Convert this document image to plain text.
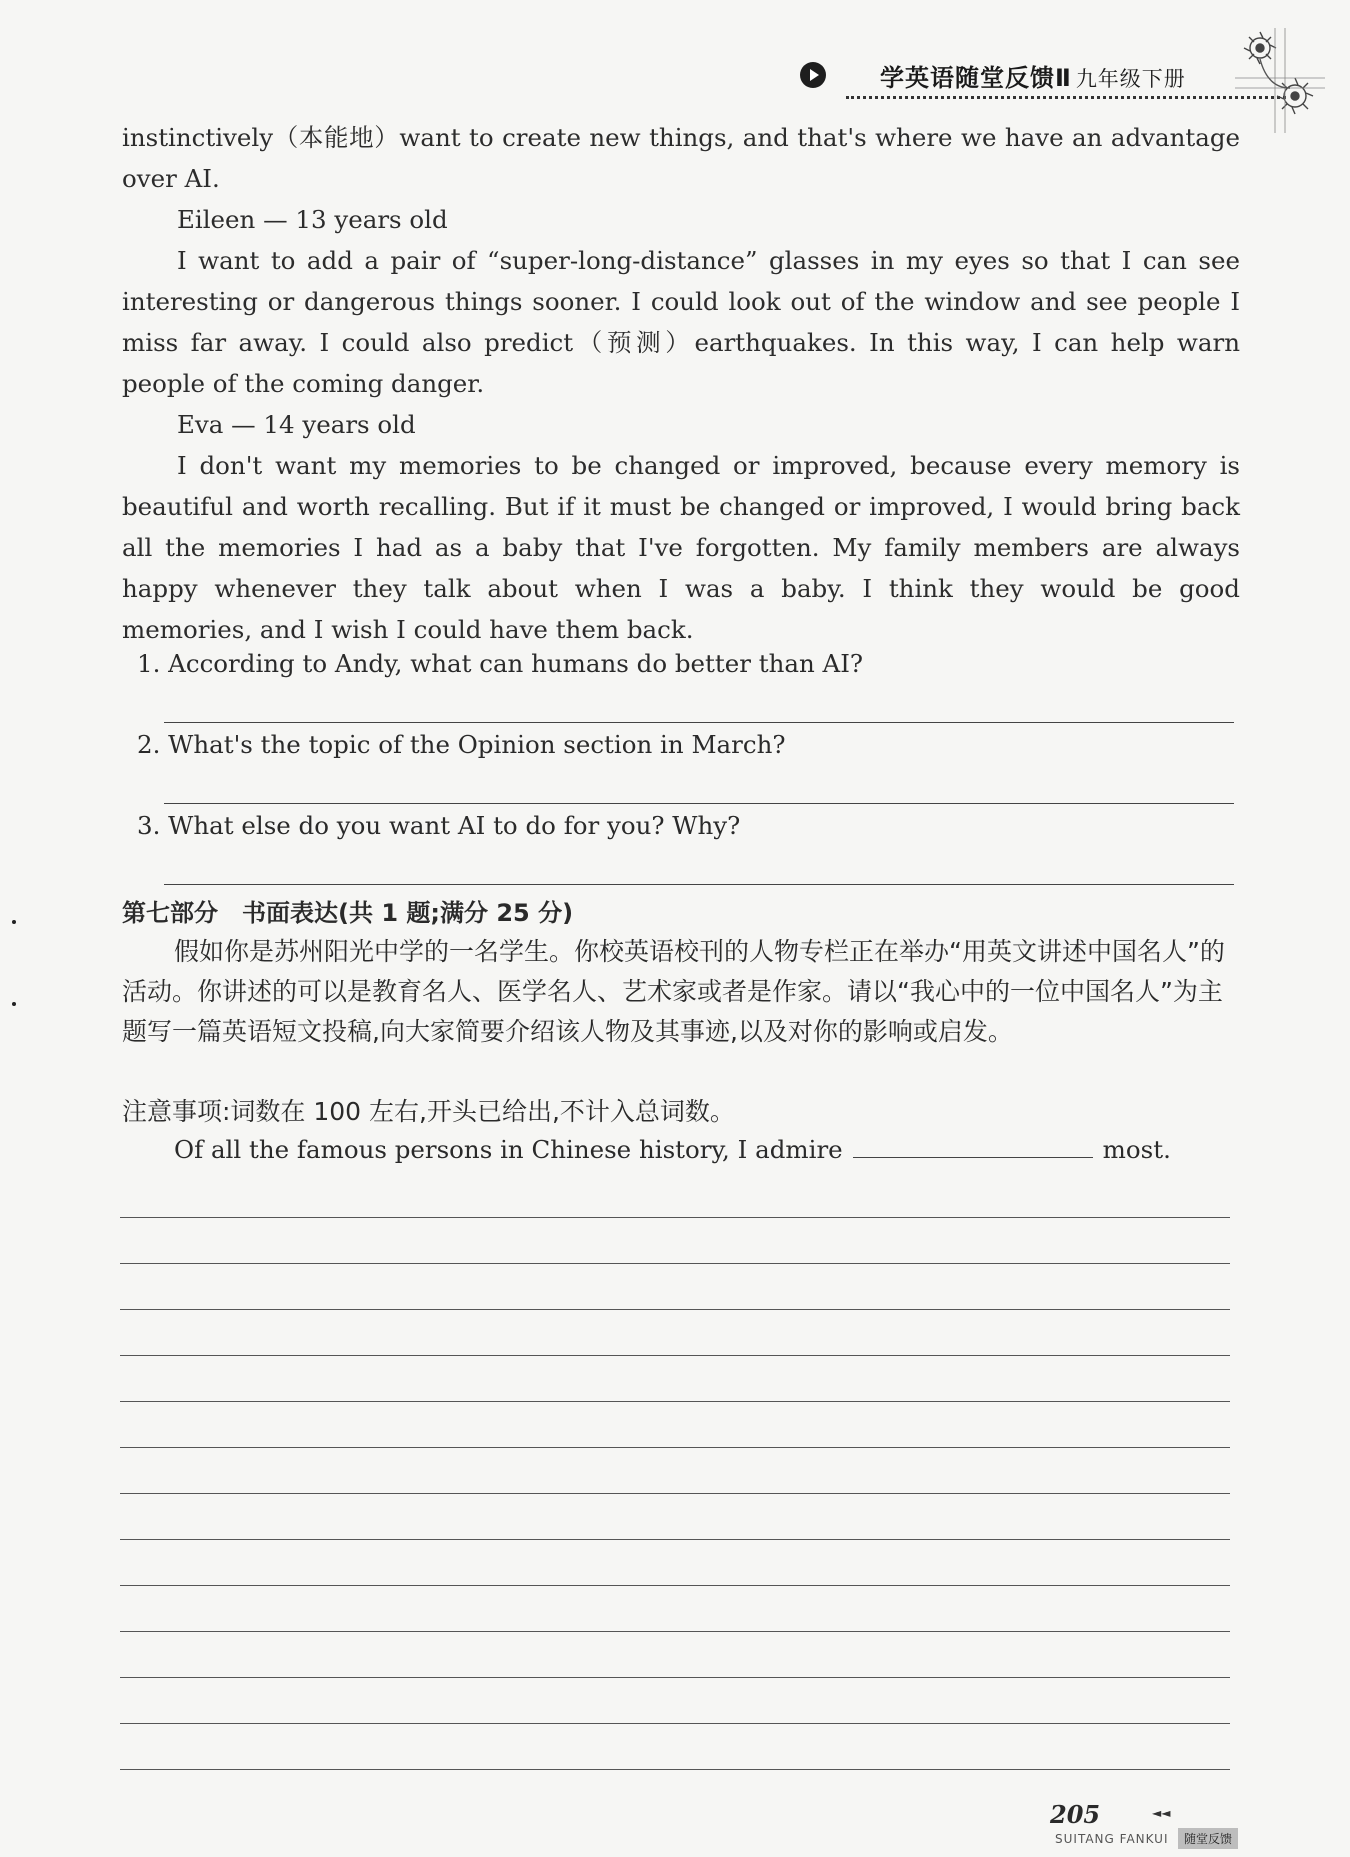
学英语随堂反馈Ⅱ 九年级下册

instinctively（本能地）want to create new things, and that's where we have an advantage over AI.

Eileen — 13 years old

I want to add a pair of “super-long-distance” glasses in my eyes so that I can see interesting or dangerous things sooner. I could look out of the window and see people I miss far away. I could also predict（预测）earthquakes. In this way, I can help warn people of the coming danger.

Eva — 14 years old

I don't want my memories to be changed or improved, because every memory is beautiful and worth recalling. But if it must be changed or improved, I would bring back all the memories I had as a baby that I've forgotten. My family members are always happy whenever they talk about when I was a baby. I think they would be good memories, and I wish I could have them back.

1. According to Andy, what can humans do better than AI?
2. What's the topic of the Opinion section in March?
3. What else do you want AI to do for you? Why?
第七部分　书面表达(共 1 题;满分 25 分)

假如你是苏州阳光中学的一名学生。你校英语校刊的人物专栏正在举办“用英文讲述中国名人”的活动。你讲述的可以是教育名人、医学名人、艺术家或者是作家。请以“我心中的一位中国名人”为主题写一篇英语短文投稿,向大家简要介绍该人物及其事迹,以及对你的影响或启发。

注意事项:词数在 100 左右,开头已给出,不计入总词数。

Of all the famous persons in Chinese history, I admire	most.
205	◄◄
SUITANG FANKUI	随堂反馈
